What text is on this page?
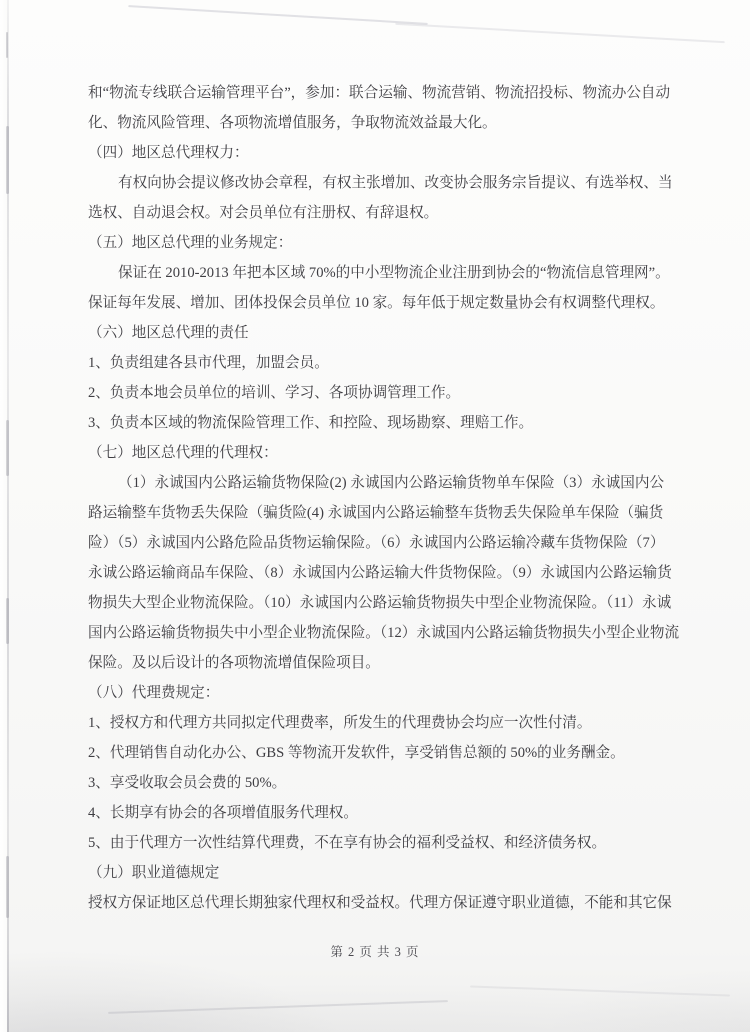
和“物流专线联合运输管理平台”，参加：联合运输、物流营销、物流招投标、物流办公自动
化、物流风险管理、各项物流增值服务，争取物流效益最大化。
（四）地区总代理权力：
有权向协会提议修改协会章程，有权主张增加、改变协会服务宗旨提议、有选举权、当
选权、自动退会权。对会员单位有注册权、有辞退权。
（五）地区总代理的业务规定：
保证在 2010-2013 年把本区域 70%的中小型物流企业注册到协会的“物流信息管理网”。
保证每年发展、增加、团体投保会员单位 10 家。每年低于规定数量协会有权调整代理权。
（六）地区总代理的责任
1、负责组建各县市代理，加盟会员。
2、负责本地会员单位的培训、学习、各项协调管理工作。
3、负责本区域的物流保险管理工作、和控险、现场勘察、理赔工作。
（七）地区总代理的代理权：
（1）永诚国内公路运输货物保险(2) 永诚国内公路运输货物单车保险（3）永诚国内公
路运输整车货物丢失保险（骗货险(4) 永诚国内公路运输整车货物丢失保险单车保险（骗货
险）（5）永诚国内公路危险品货物运输保险。（6）永诚国内公路运输冷藏车货物保险（7）
永诚公路运输商品车保险、（8）永诚国内公路运输大件货物保险。（9）永诚国内公路运输货
物损失大型企业物流保险。（10）永诚国内公路运输货物损失中型企业物流保险。（11）永诚
国内公路运输货物损失中小型企业物流保险。（12）永诚国内公路运输货物损失小型企业物流
保险。及以后设计的各项物流增值保险项目。
（八）代理费规定：
1、授权方和代理方共同拟定代理费率，所发生的代理费协会均应一次性付清。
2、代理销售自动化办公、GBS 等物流开发软件，享受销售总额的 50%的业务酬金。
3、享受收取会员会费的 50%。
4、长期享有协会的各项增值服务代理权。
5、由于代理方一次性结算代理费，不在享有协会的福利受益权、和经济债务权。
（九）职业道德规定
授权方保证地区总代理长期独家代理权和受益权。代理方保证遵守职业道德，不能和其它保
第 2 页 共 3 页
